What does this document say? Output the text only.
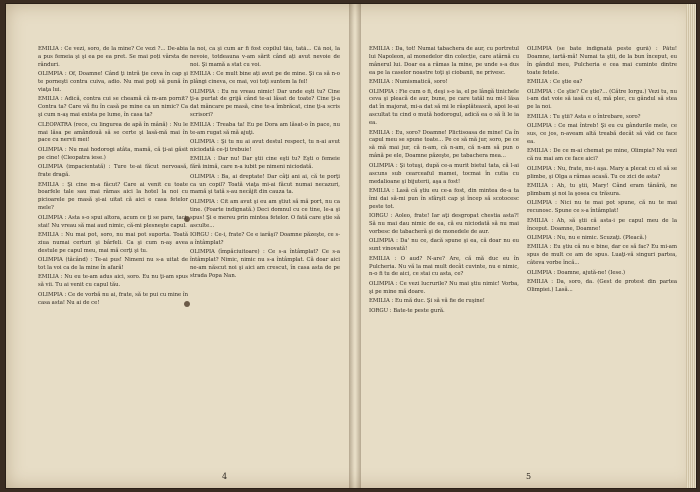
EMILIA : Ce vezi, soro, de la mine? Ce vezi ?... De-abia a pus femeia şi şi ea pe ea pret. Se mai poți vârsta de rânduri.

OLIMPIA : Of, Doamne! Când ţi intră ţie ceva în cap şi te porneşti contra cuiva, adio. Nu mai poţi să pună în viaţa lui.

EMILIA : Adică, contra cui se cheamă că m-am pornit? Contra ta? Care vă fiu în casă pe mine ca un nimic? Ca şi cum n-aş mai exista pe lume, în casa ta?

CLEOPATRA (rece, cu lingurea de apă în mână) : Nu le mai lăsa pe amândouă să se certe şi lasă-mă mai în pace cu nervii mei!

OLIMPIA : Nu mai hodorogi atâta, mamă, că ţi-ai găsit pe cine! (Cleopatra iese.)

OLIMPIA (impacientată) : Ture te-ai făcut nervoasă, frate dragă.

EMILIA : Şi cine m-a făcut? Care ai venit cu toate boarfele tale sau mai rămas aici la hotel la noi cu picioarele pe masă şi-ai uitat că aici e casa fetelor mele?

OLIMPIA : Asta s-o spui altora, acum ce ţi se pare, taci, stai! Nu vreau să mai aud nimic, că-mi plesneşte capul.

EMILIA : Nu mai pot, soro, nu mai pot suporta. Toată ziua numai certuri şi bârfeli. Ca şi cum n-aş avea destule pe capul meu, mai mă cerţi şi tu.

OLIMPIA (tăcând) : Te-ai pus! Nimeni nu s-a uitat de tot la voi ca de la mine în afară!

EMILIA : Nu eu te-am adus aici, soro. Eu nu ţi-am spus să vii. Tu ai venit cu capul tău.

OLIMPIA : Ce de vorbă nu ai, frate, să te pui cu mine în casa asta! Nu ai de ce!

la noi, ca şi cum ar fi fost copilul tău, tată... Că noi, la nevoie, totdeauna v-am sărit când ați avut nevoie de noi. Şi mamă a stat cu voi.

EMILIA : Ce mult bine ați avut pe de mine. Şi ca să n-o plângi cineva, ce mai, voi toţi suntem la fel!

OLIMPIA : Eu nu vreau nimic! Dar unde eşti tu? Cine ţi-a purtat de grijă când te-ai lăsat de toate? Cine ţi-a dat mâncare pe masă, cine te-a îmbrăcat, cine ţi-a scris scrisori?

EMILIA : Treaba ta! Eu pe Dora am lăsat-o în pace, nu te-am rugat să mă ajuţi.

OLIMPIA : Şi tu nu ai avut destul respect, tu n-ai avut niciodată ce-ţi trebuie!

EMILIA : Dar nu! Dar ştii cine eşti tu? Eşti o femeie fără inimă, care n-a iubit pe nimeni niciodată.

OLIMPIA : Ba, ai dreptate! Dar câţi ani ai, că te porţi ca un copil? Toată viaţa mi-ai făcut numai necazuri, mamă şi tată s-au necăjit din cauza ta.

OLIMPIA : Cit am avut şi eu am ştiut să mă port, nu ca tine. (Foarte indignată.) Deci domnul cu ce tine, le-a şi spus! Şi e mereu prin mintea fetelor. O fată care ştie să asculte...

IORGU : Ce-i, frate? Ce e iarăşi? Doamne păzeşte, ce s-a întâmplat?

OLIMPIA (împăciuitoare) : Ce s-a întâmplat? Ce s-a întâmplat? Nimic, nimic nu s-a întâmplat. Că doar aici ne-am născut noi şi aici am crescut, în casa asta de pe strada Popa Nan.

4

EMILIA : Da, tot! Numai tabachera de aur, cu portretul lui Napoleon, al monedelor din colecție, care atârnă cu mânerul lui. Doar ea a rămas la mine, pe unde s-a dus ea pe la caselor noastre toţi şi ciobanii, ne privesc.

EMILIA : Numismatică, soro!

OLIMPIA : Fie cum o fi, deşi s-o ia, el pe lângă tinichele ceva şi pleacă de aur, bune, pe care tatăl nu mi-l lăsa dat în majorat, mi-a dat să mi le răsplătească, apoi le-ai ascultat tu cind o mută hodorogul, adică ea o să îi le ia ea.

EMILIA : Eu, soro? Doamne! Plictisoasa de mine! Ca în capul meu se spune toate... Pe ce să mă jur, soro, pe ce să mă mai jur, că n-am, că n-am, că n-am să pun o mână pe ele, Doamne păzeşte, pe tabachera mea...

OLIMPIA : Şi totuşi, după ce-a murit bietul tata, că l-ai ascuns sub cearceaful mamei, tocmai în cutia cu medalioane şi bijuterii, aşa a fost!

EMILIA : Lasă că ştiu eu ce-a fost, din mintea de-a ta îmi dai să-mi pun în sfârşit cap şi încep să scotocesc peste tot.

IORGU : Aoleo, frate! Iar aţi desgropat chestia asta?! Să nu mai dau nimic de ea, că eu niciodată să nu mai vorbesc de tabacheră şi de monedele de aur.

OLIMPIA : Da' nu ce, dacă spune şi ea, că doar nu eu sunt vinovată!

EMILIA : O aud? N-are? Are, că mă duc eu în Pulcheria. Nu vă la mai mult decât cuvinte, nu e nimic, n-o fi tu de aici, ce stai cu asta, ce?

OLIMPIA : Ce vezi lucrurile? Nu mai ştiu nimic! Vorba, şi pe mine mă doare.

EMILIA : Eu mă duc. Şi să vă fie de ruşine!

IORGU : Bate-te peste gură.

OLIMPIA (se bate indignată peste gură) : Pătu! Doamne, iartă-mă! Numai ta ştii, de la bun început, eu în gândul meu, Pulcheria e cea mai cuminte dintre toate fetele.

EMILIA : Ce ştie ea?

OLIMPIA : Ce ştie? Ce ştie?... (Către Iorgu.) Vezi tu, nu i-am dat voie să iasă cu el, mă plec, cu gândul să stea pe la noi.

EMILIA : Tu ştii? Asta e o întrebare, soro?

OLIMPIA : Ce mai întreb! Şi eu cu gândurile mele, ce sus, ce jos, n-aveam altă treabă decât să văd ce face ea.

EMILIA : De ce m-ai chemat pe mine, Olimpia? Nu vezi că nu mai am ce face aici?

OLIMPIA : Nu, frate, nu-i aşa. Mary a plecat cu el să se plimbe, şi Olga a rămas acasă. Tu ce zici de asta?

EMILIA : Ah, tu ştii, Mary! Când eram tânără, ne plimbam şi noi la şosea cu trăsura.

OLIMPIA : Nici nu te mai pot spune, că nu te mai recunosc. Spune ce s-a întâmplat!

EMILIA : Ah, să ştii că asta-i pe capul meu de la început. Doamne, Doamne!

OLIMPIA : Nu, nu e nimic. Scuzaţi. (Pleacă.)

EMILIA : Eu ştiu că nu e bine, dar ce să fac? Eu mi-am spus de mult ce am de spus. Luaţi-vă singuri partea, câteva vorbe încă...

OLIMPIA : Doamne, ajută-ne! (Iese.)

EMILIA : Da, soro, da. (Gest de protest din partea Olimpiei.) Lasă...

5
